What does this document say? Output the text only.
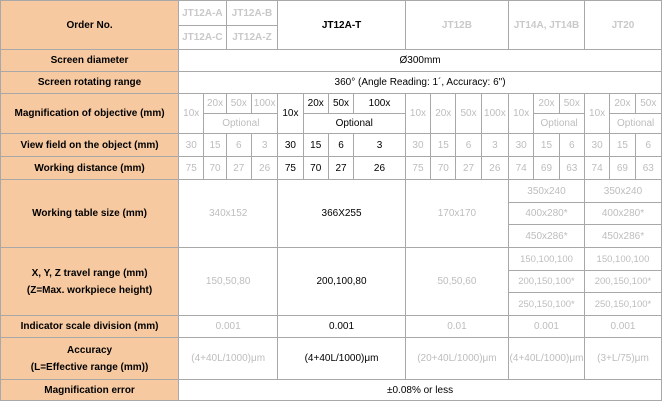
Order No.	JT12A-A		JT12A-B		JT12A-T				JT12B				JT14A, JT14B			JT20		
	JT12A-C		JT12A-Z															
Screen diameter	Ø300mm																	
Screen rotating range	360° (Angle Reading: 1´, Accuracy: 6")																	
Magnification of objective (mm)	10x	20x	50x	100x	10x	20x	50x	100x	10x	20x	50x	100x	10x	20x	50x	10x	20x	50x
		Optional				Optional								Optional			Optional	
View field on the object (mm)	30	15	6	3	30	15	6	3	30	15	6	3	30	15	6	30	15	6
Working distance (mm)	75	70	27	26	75	70	27	26	75	70	27	26	74	69	63	74	69	63
Working table size (mm)	340x152				366X255				170x170				350x240			350x240		
													400x280*			400x280*		
													450x286*			450x286*		

X, Y, Z travel range (mm)
(Z=Max. workpiece height)	150,50,80				200,100,80				50,50,60				150,100,100			150,100,100		
													200,150,100*			200,150,100*		
													250,150,100*			250,150,100*		
Indicator scale division (mm)	0.001				0.001				0.01				0.001			0.001		

Accuracy
(L=Effective range (mm))	(4+40L/1000)μm				(4+40L/1000)μm				(20+40L/1000)μm				(4+40L/1000)μm			(3+L/75)μm		
Magnification error	±0.08% or less																	
